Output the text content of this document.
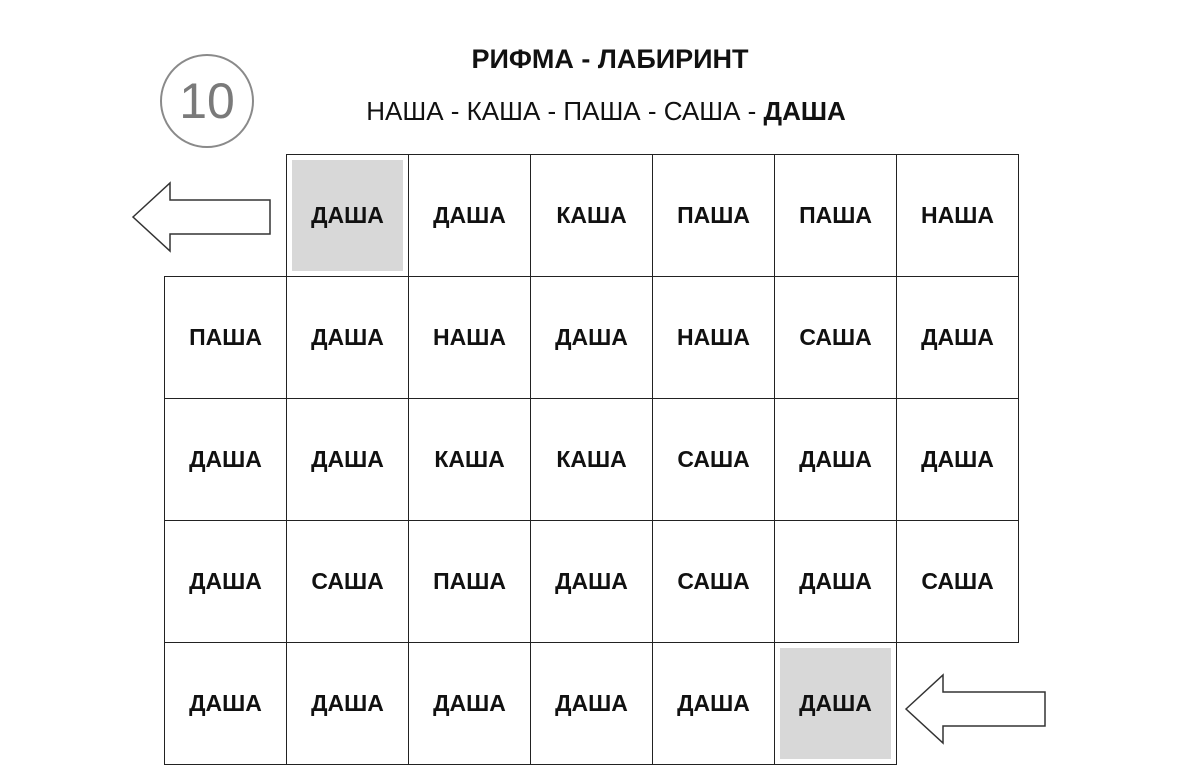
10
РИФМА - ЛАБИРИНТ
НАША - КАША - ПАША - САША - ДАША
ДАША ДАША КАША ПАША ПАША НАША
ПАША ДАША НАША ДАША НАША САША ДАША
ДАША ДАША КАША КАША САША ДАША ДАША
ДАША САША ПАША ДАША САША ДАША САША
ДАША ДАША ДАША ДАША ДАША ДАША
